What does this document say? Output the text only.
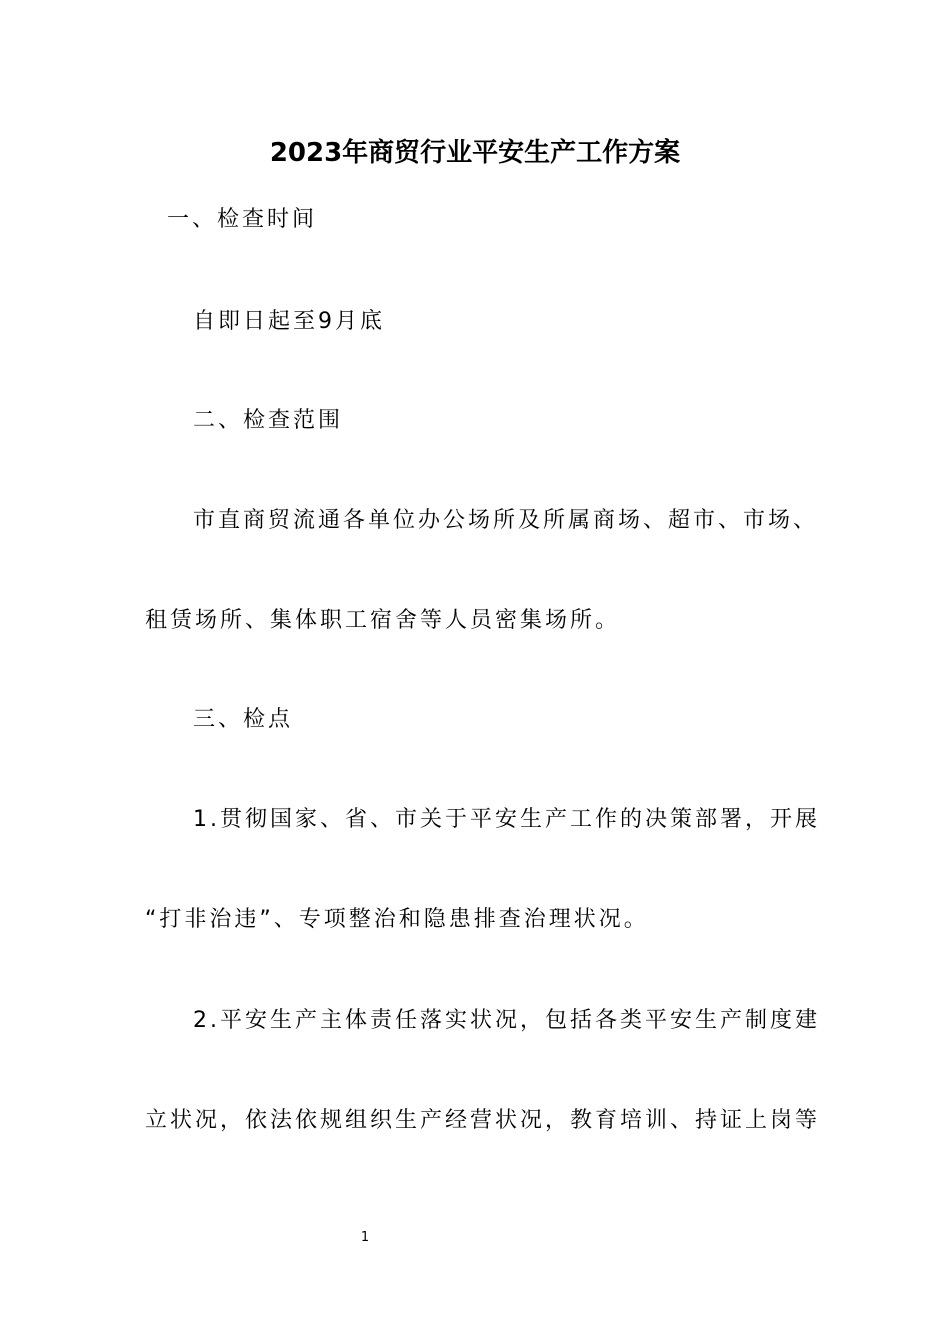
2023年商贸行业平安生产工作方案

一、检查时间

自即日起至9月底

二、检查范围

市直商贸流通各单位办公场所及所属商场、超市、市场、

租赁场所、集体职工宿舍等人员密集场所。

三、检点

1.贯彻国家、省、市关于平安生产工作的决策部署，开展

“打非治违”、专项整治和隐患排查治理状况。

2.平安生产主体责任落实状况，包括各类平安生产制度建

立状况，依法依规组织生产经营状况，教育培训、持证上岗等

1
